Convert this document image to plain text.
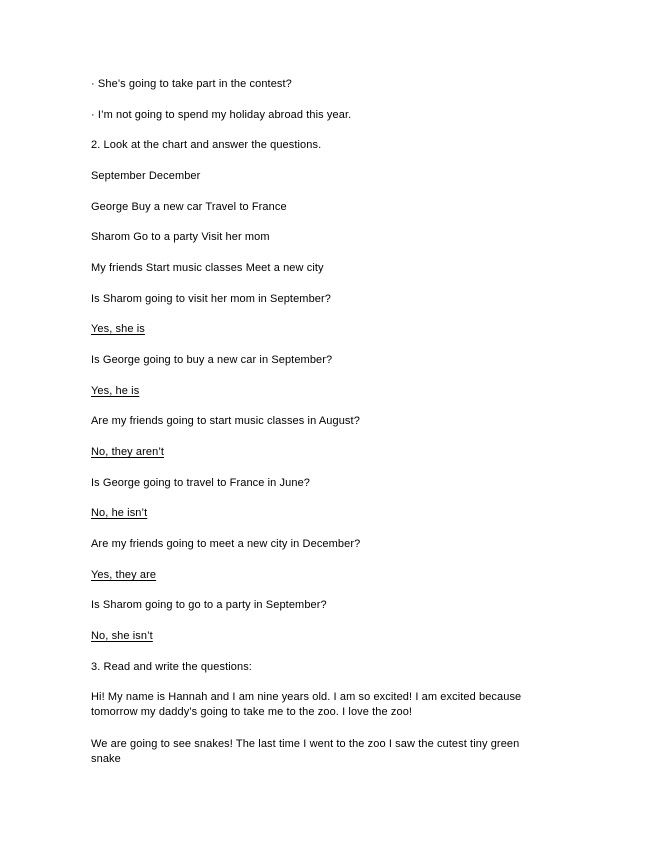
· She’s going to take part in the contest?
· I’m not going to spend my holiday abroad this year.
2. Look at the chart and answer the questions.
September December
George Buy a new car Travel to France
Sharom Go to a party Visit her mom
My friends Start music classes Meet a new city
Is Sharom going to visit her mom in September?
Yes, she is
Is George going to buy a new car in September?
Yes, he is
Are my friends going to start music classes in August?
No, they aren’t
Is George going to travel to France in June?
No, he isn’t
Are my friends going to meet a new city in December?
Yes, they are
Is Sharom going to go to a party in September?
No, she isn’t
3. Read and write the questions:
Hi! My name is Hannah and I am nine years old. I am so excited! I am excited because tomorrow my daddy’s going to take me to the zoo. I love the zoo!
We are going to see snakes! The last time I went to the zoo I saw the cutest tiny green snake
